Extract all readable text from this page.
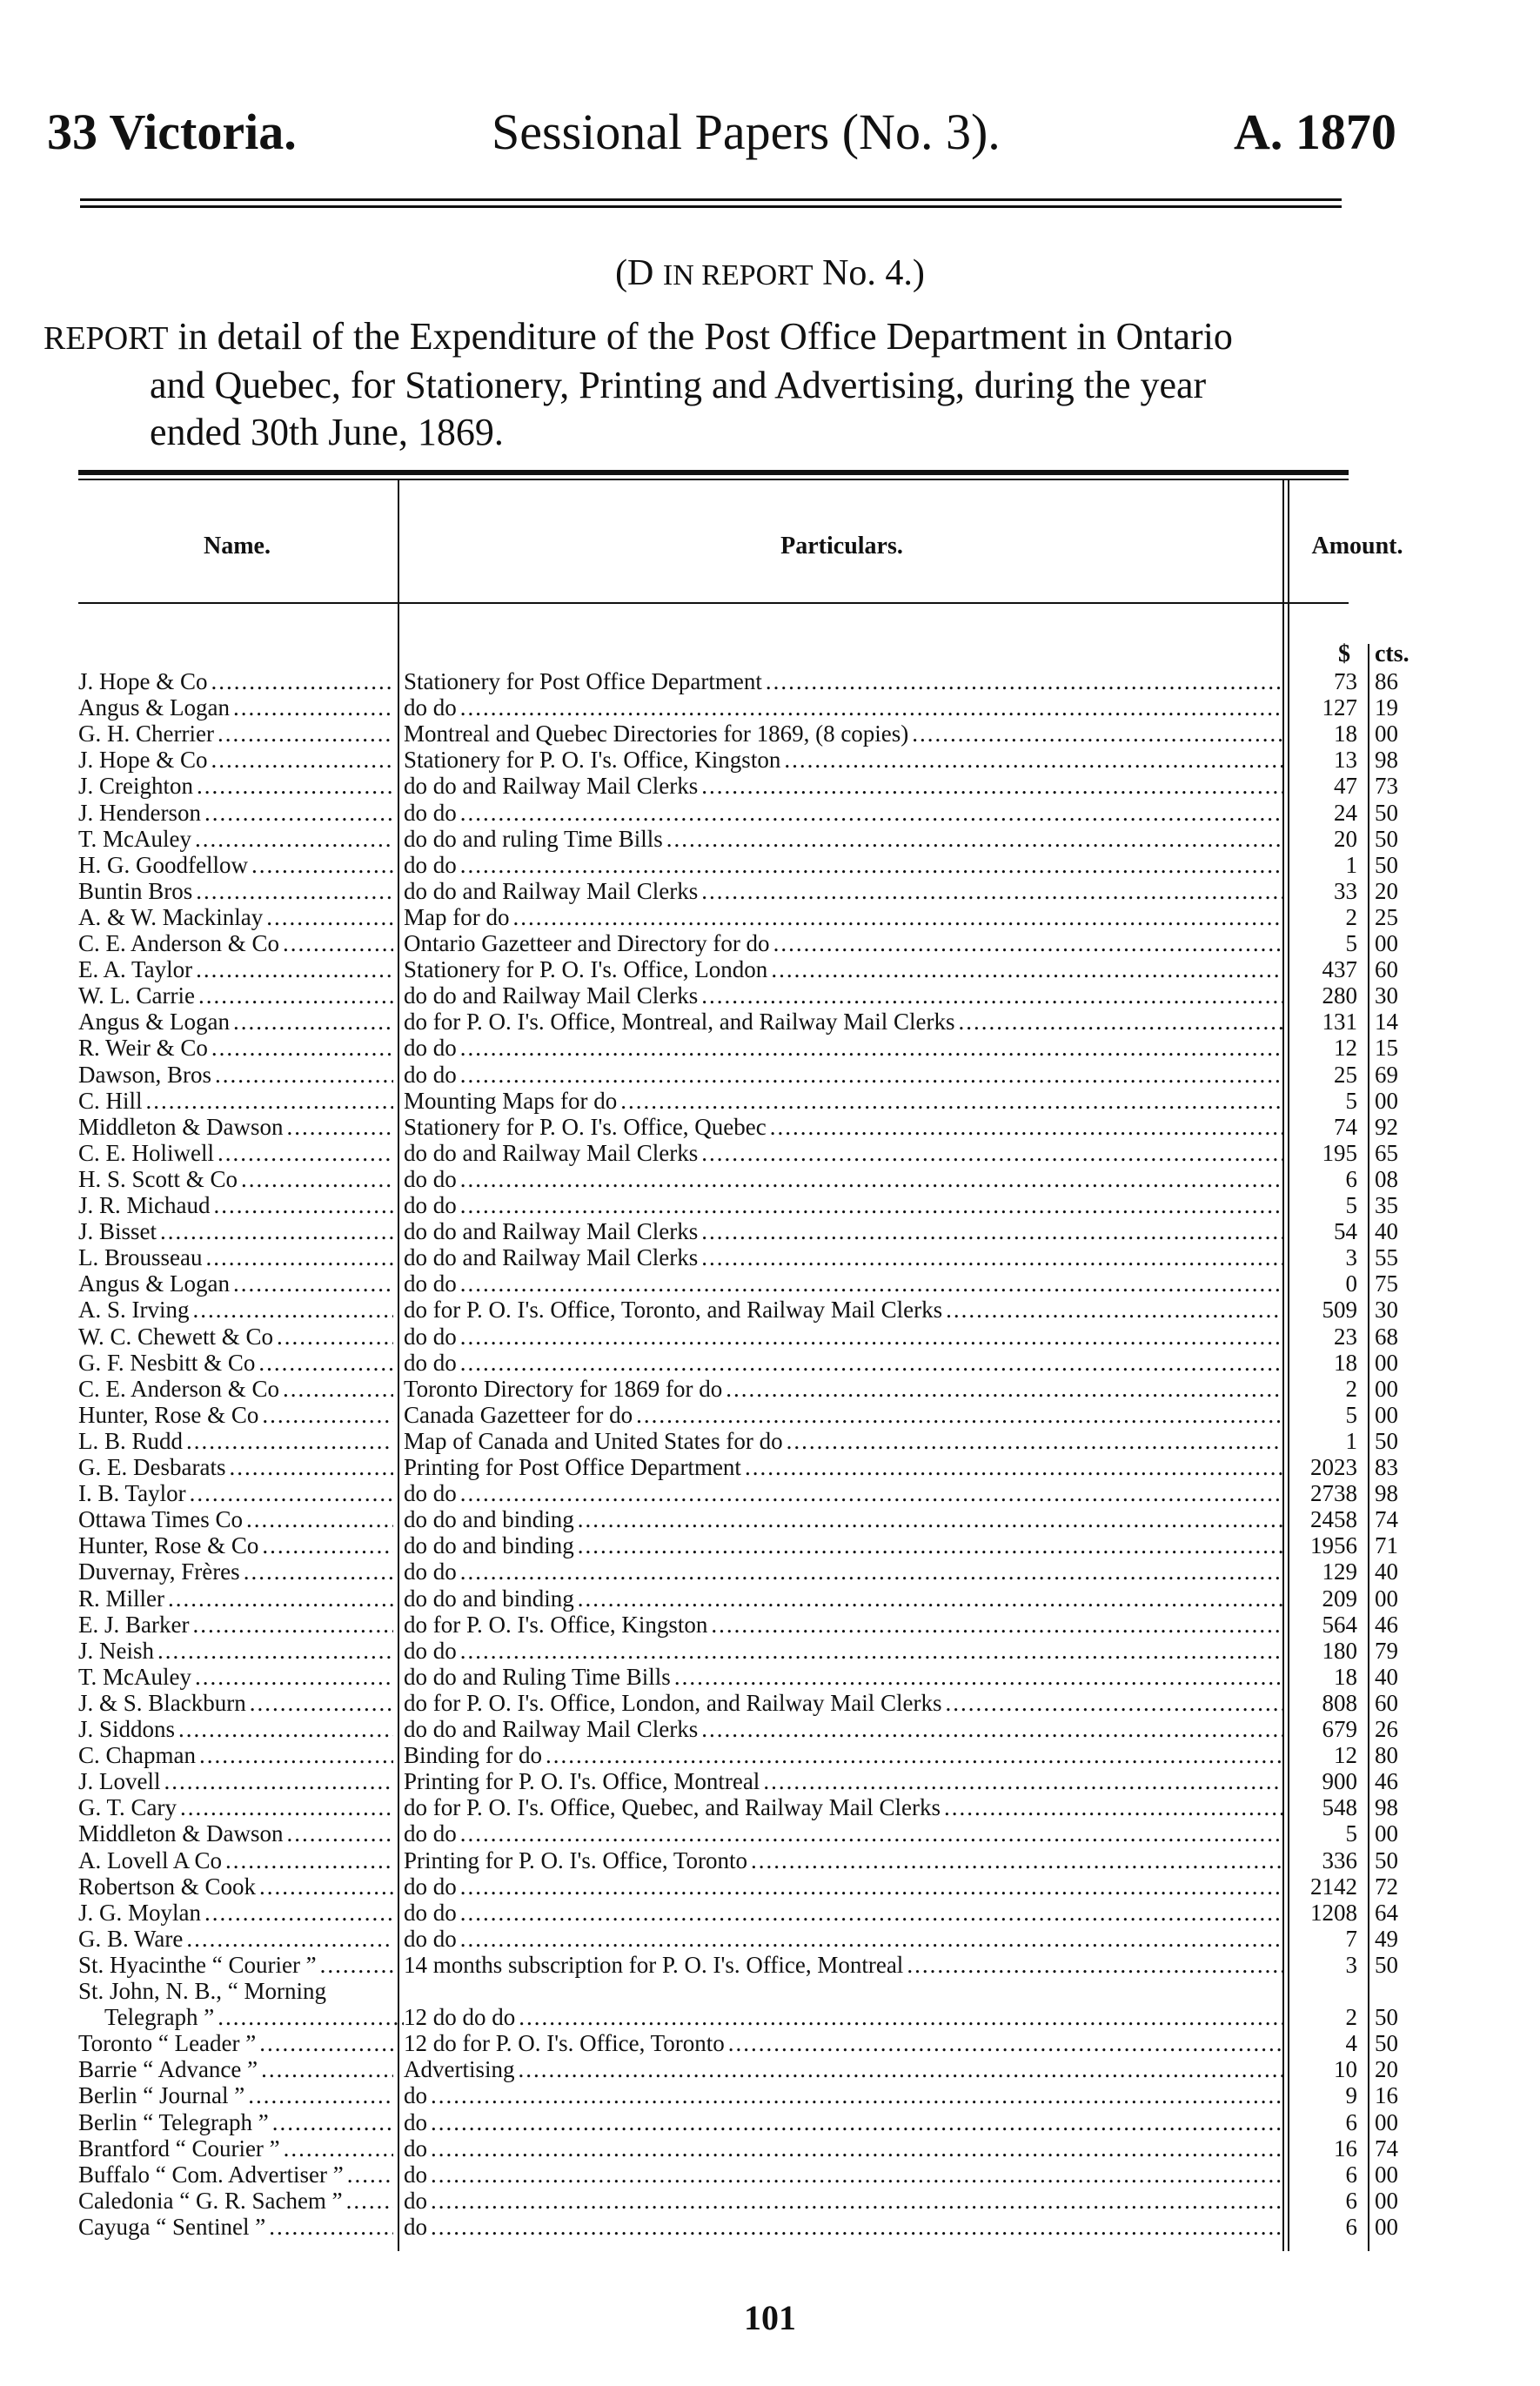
33 Victoria.	Sessional Papers (No. 3).	A. 1870
(D IN REPORT No. 4.)
REPORT in detail of the Expenditure of the Post Office Department in Ontario
and Quebec, for Stationery, Printing and Advertising, during the year
ended 30th June, 1869.
Name.	Particulars.	Amount.
$ cts.
J. Hope & Co .....	Stationery for Post Office Department .....	73 86
Angus & Logan .....	do do .....	127 19
G. H. Cherrier .....	Montreal and Quebec Directories for 1869, (8 copies) .....	18 00
J. Hope & Co .....	Stationery for P. O. I's. Office, Kingston .....	13 98
J. Creighton .....	do do and Railway Mail Clerks .....	47 73
J. Henderson .....	do do .....	24 50
T. McAuley .....	do do and ruling Time Bills .....	20 50
H. G. Goodfellow .....	do do .....	1 50
Buntin Bros .....	do do and Railway Mail Clerks .....	33 20
A. & W. Mackinlay .....	Map for do .....	2 25
C. E. Anderson & Co .....	Ontario Gazetteer and Directory for do .....	5 00
E. A. Taylor .....	Stationery for P. O. I's. Office, London .....	437 60
W. L. Carrie .....	do do and Railway Mail Clerks .....	280 30
Angus & Logan .....	do for P. O. I's. Office, Montreal, and Railway Mail Clerks .....	131 14
R. Weir & Co .....	do do .....	12 15
Dawson, Bros .....	do do .....	25 69
C. Hill .....	Mounting Maps for do .....	5 00
Middleton & Dawson .....	Stationery for P. O. I's. Office, Quebec .....	74 92
C. E. Holiwell .....	do do and Railway Mail Clerks .....	195 65
H. S. Scott & Co .....	do do .....	6 08
J. R. Michaud .....	do do .....	5 35
J. Bisset .....	do do and Railway Mail Clerks .....	54 40
L. Brousseau .....	do do and Railway Mail Clerks .....	3 55
Angus & Logan .....	do do .....	0 75
A. S. Irving .....	do for P. O. I's. Office, Toronto, and Railway Mail Clerks .....	509 30
W. C. Chewett & Co .....	do do .....	23 68
G. F. Nesbitt & Co .....	do do .....	18 00
C. E. Anderson & Co .....	Toronto Directory for 1869 for do .....	2 00
Hunter, Rose & Co .....	Canada Gazetteer for do .....	5 00
L. B. Rudd .....	Map of Canada and United States for do .....	1 50
G. E. Desbarats .....	Printing for Post Office Department .....	2023 83
I. B. Taylor .....	do do .....	2738 98
Ottawa Times Co .....	do do and binding .....	2458 74
Hunter, Rose & Co .....	do do and binding .....	1956 71
Duvernay, Frères .....	do do .....	129 40
R. Miller .....	do do and binding .....	209 00
E. J. Barker .....	do for P. O. I's. Office, Kingston .....	564 46
J. Neish .....	do do .....	180 79
T. McAuley .....	do do and Ruling Time Bills .....	18 40
J. & S. Blackburn .....	do for P. O. I's. Office, London, and Railway Mail Clerks .....	808 60
J. Siddons .....	do do and Railway Mail Clerks .....	679 26
C. Chapman .....	Binding for do .....	12 80
J. Lovell .....	Printing for P. O. I's. Office, Montreal .....	900 46
G. T. Cary .....	do for P. O. I's. Office, Quebec, and Railway Mail Clerks .....	548 98
Middleton & Dawson .....	do do .....	5 00
A. Lovell A Co .....	Printing for P. O. I's. Office, Toronto .....	336 50
Robertson & Cook .....	do do .....	2142 72
J. G. Moylan .....	do do .....	1208 64
G. B. Ware .....	do do .....	7 49
St. Hyacinthe “ Courier ” .....	14 months subscription for P. O. I's. Office, Montreal .....	3 50
St. John, N. B., “ Morning
Telegraph ” .....	12 do do do .....	2 50
Toronto “ Leader ” .....	12 do for P. O. I's. Office, Toronto .....	4 50
Barrie “ Advance ” .....	Advertising .....	10 20
Berlin “ Journal ” .....	do .....	9 16
Berlin “ Telegraph ” .....	do .....	6 00
Brantford “ Courier ” .....	do .....	16 74
Buffalo “ Com. Advertiser ” .....	do .....	6 00
Caledonia “ G. R. Sachem ” .....	do .....	6 00
Cayuga “ Sentinel ” .....	do .....	6 00
101
